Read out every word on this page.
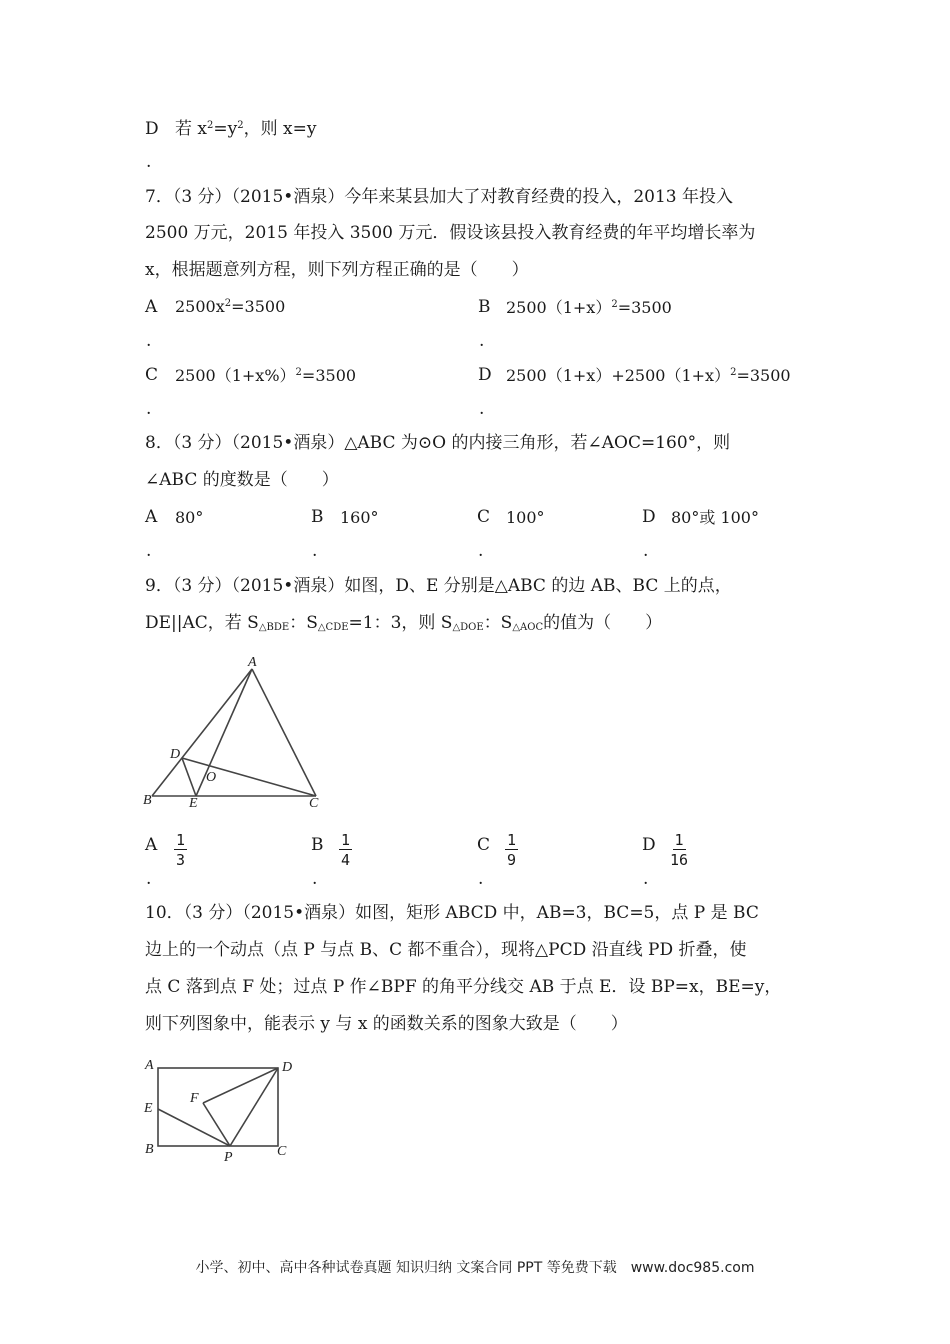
D 若 $x^2=y^2$，则 x=y
.
7．（3 分）（2015•酒泉）今年来某县加大了对教育经费的投入，2013 年投入
2500 万元，2015 年投入 3500 万元．假设该县投入教育经费的年平均增长率为
x，根据题意列方程，则下列方程正确的是（　　）
A $2500x^2=3500$
.
B $2500(1+x)^2=3500$
.
C $2500(1+x\%)^2=3500$
.
D $2500(1+x)+2500(1+x)^2=3500$
.
8．（3 分）（2015•酒泉）△ABC 为⊙O 的内接三角形，若∠AOC=160°，则
∠ABC 的度数是（　　）
A 80°
.
B 160°
.
C 100°
.
D 80°或 100°
.
9．（3 分）（2015•酒泉）如图，D、E 分别是△ABC 的边 AB、BC 上的点，
DE||AC，若 $S_{\triangle BDE}$：$S_{\triangle CDE}=1$：3，则 $S_{\triangle DOE}$：$S_{\triangle AOC}$的值为（　　）
A
D
O
B	E	C
A $\frac{1}{3}$
.
B $\frac{1}{4}$
.
C $\frac{1}{9}$
.
D $\frac{1}{16}$
.
10．（3 分）（2015•酒泉）如图，矩形 ABCD 中，AB=3，BC=5，点 P 是 BC
边上的一个动点（点 P 与点 B、C 都不重合），现将△PCD 沿直线 PD 折叠，使
点 C 落到点 F 处；过点 P 作∠BPF 的角平分线交 AB 于点 E．设 BP=x，BE=y，
则下列图象中，能表示 y 与 x 的函数关系的图象大致是（　　）
A	D
F
E
B
P	C
小学、初中、高中各种试卷真题 知识归纳 文案合同 PPT 等免费下载　www.doc985.com
